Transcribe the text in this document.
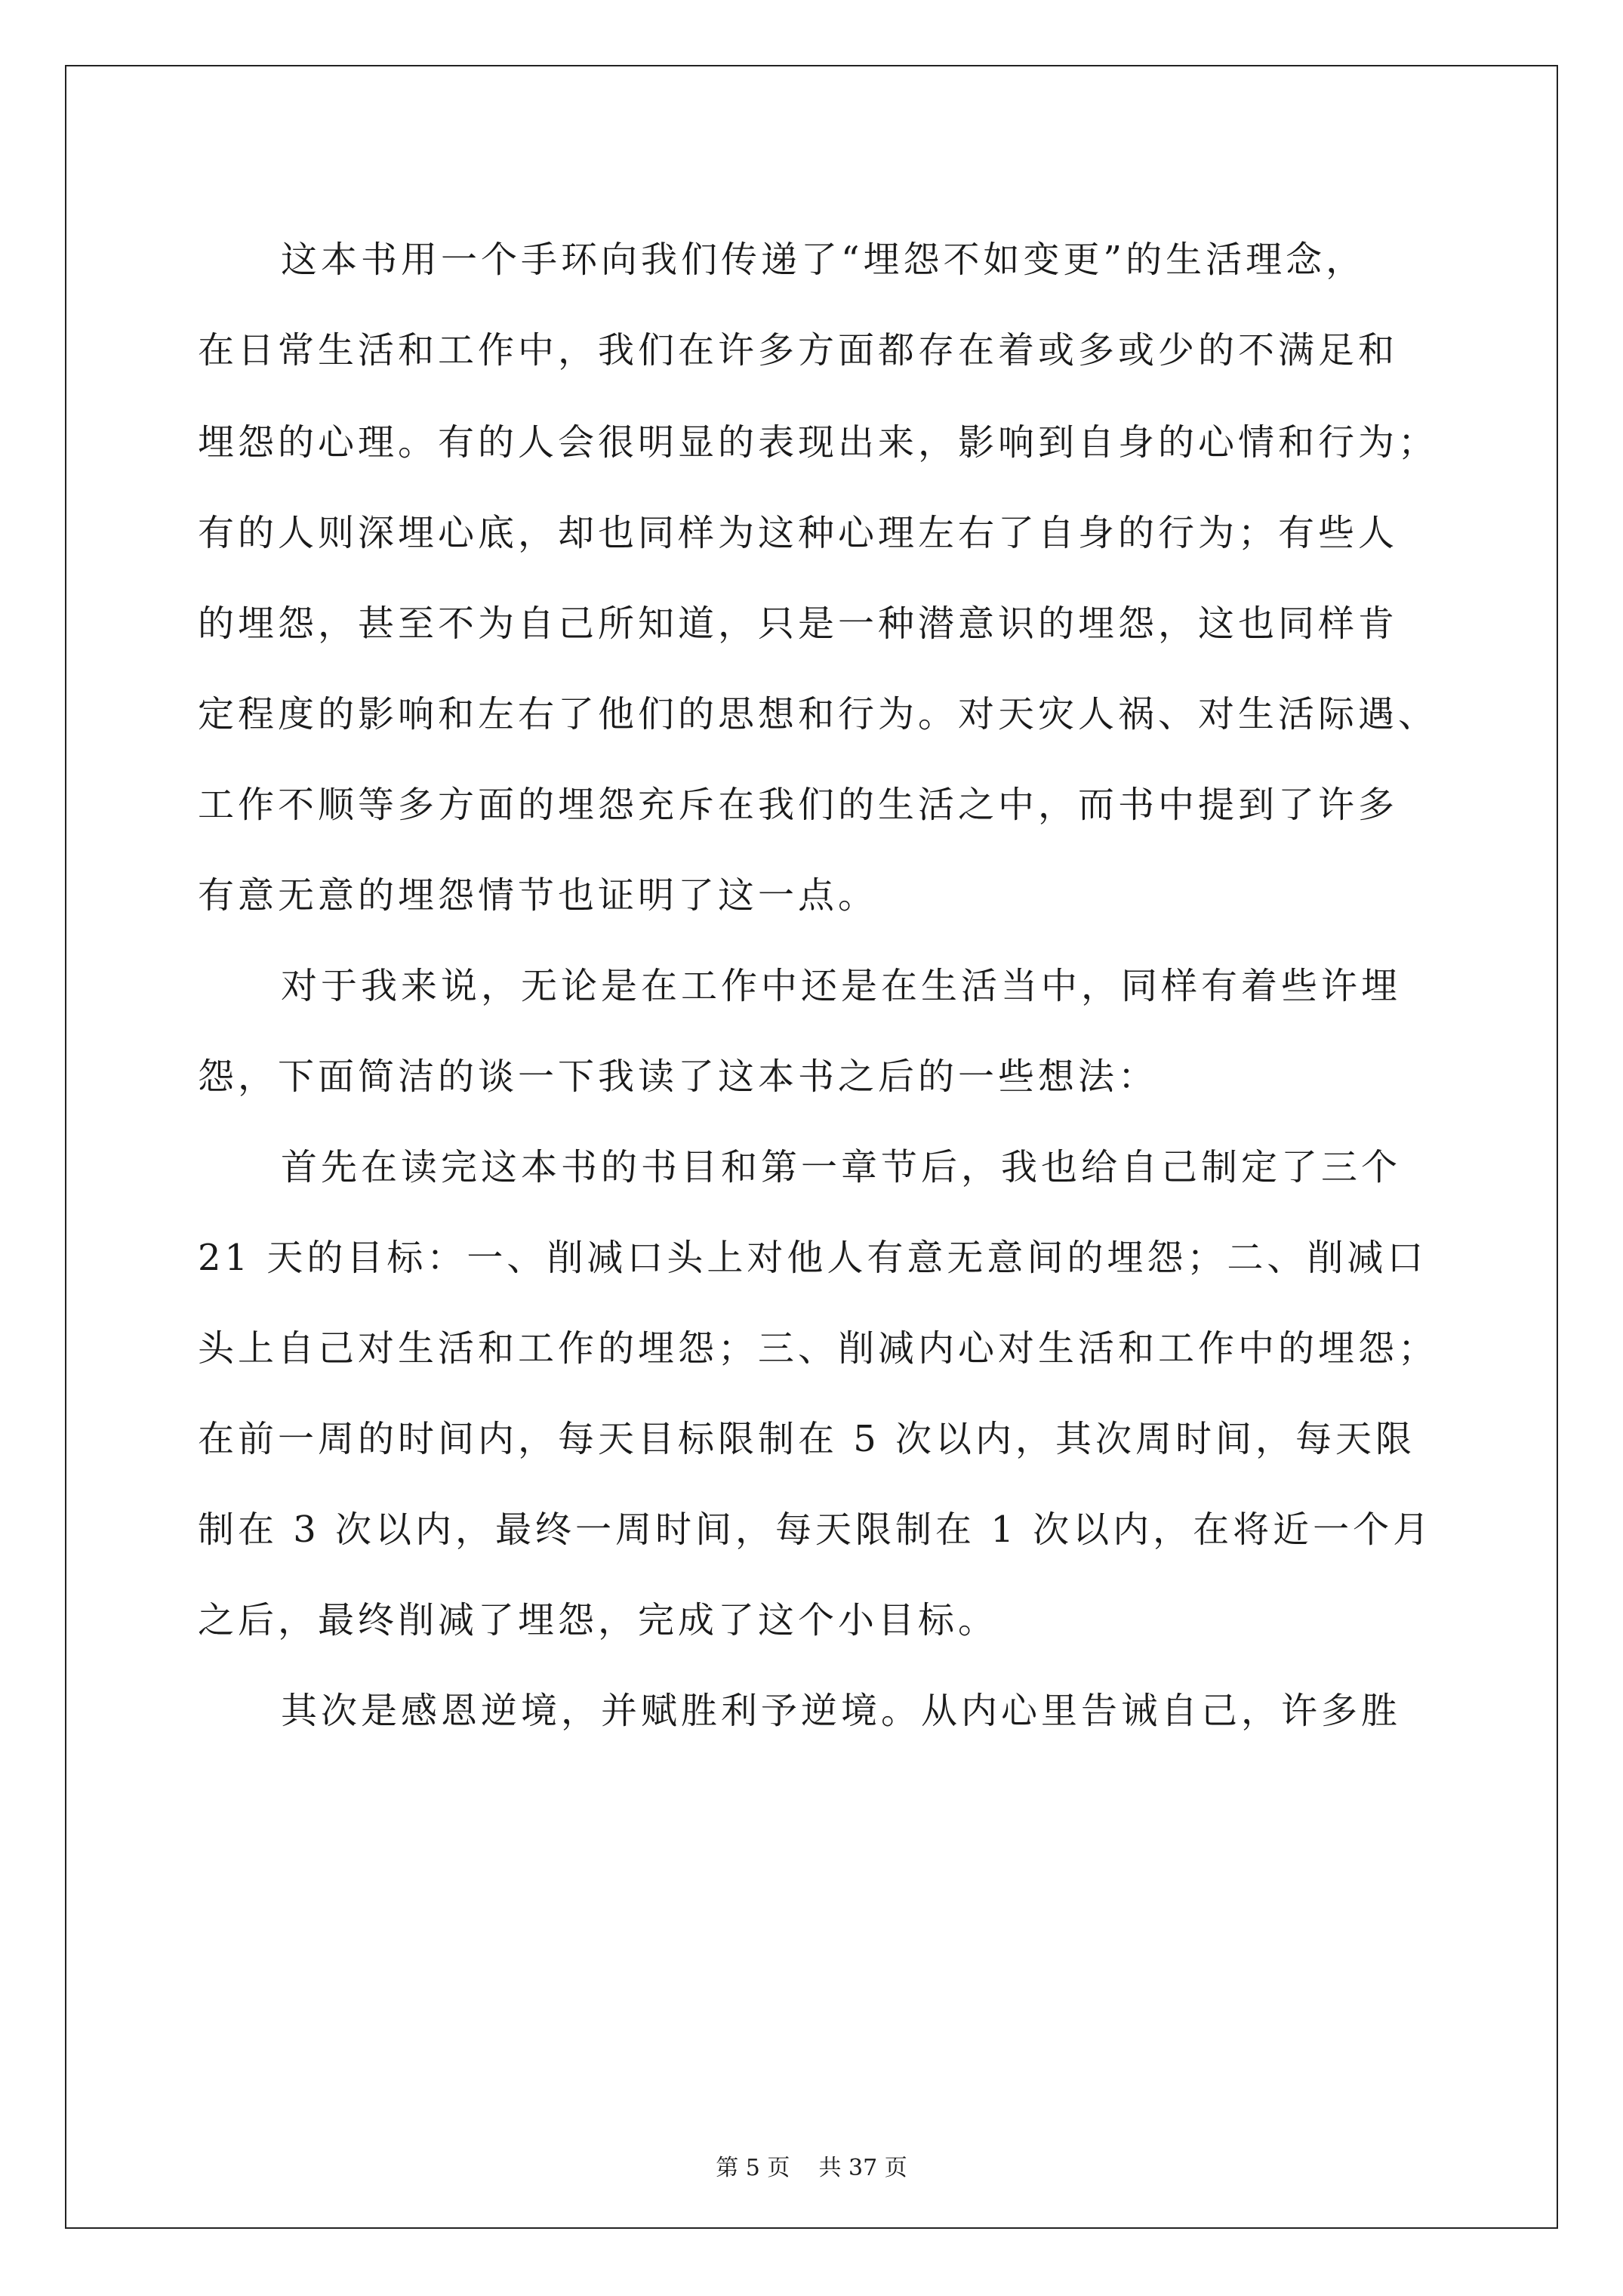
这本书用一个手环向我们传递了“埋怨不如变更”的生活理念，
在日常生活和工作中，我们在许多方面都存在着或多或少的不满足和
埋怨的心理。有的人会很明显的表现出来，影响到自身的心情和行为；
有的人则深埋心底，却也同样为这种心理左右了自身的行为；有些人
的埋怨，甚至不为自己所知道，只是一种潜意识的埋怨，这也同样肯
定程度的影响和左右了他们的思想和行为。对天灾人祸、对生活际遇、
工作不顺等多方面的埋怨充斥在我们的生活之中，而书中提到了许多
有意无意的埋怨情节也证明了这一点。
对于我来说，无论是在工作中还是在生活当中，同样有着些许埋
怨，下面简洁的谈一下我读了这本书之后的一些想法：
首先在读完这本书的书目和第一章节后，我也给自己制定了三个
21 天的目标：一、削减口头上对他人有意无意间的埋怨；二、削减口
头上自己对生活和工作的埋怨；三、削减内心对生活和工作中的埋怨；
在前一周的时间内，每天目标限制在 5 次以内，其次周时间，每天限
制在 3 次以内，最终一周时间，每天限制在 1 次以内，在将近一个月
之后，最终削减了埋怨，完成了这个小目标。
其次是感恩逆境，并赋胜利予逆境。从内心里告诫自己，许多胜
第 5 页    共 37 页
